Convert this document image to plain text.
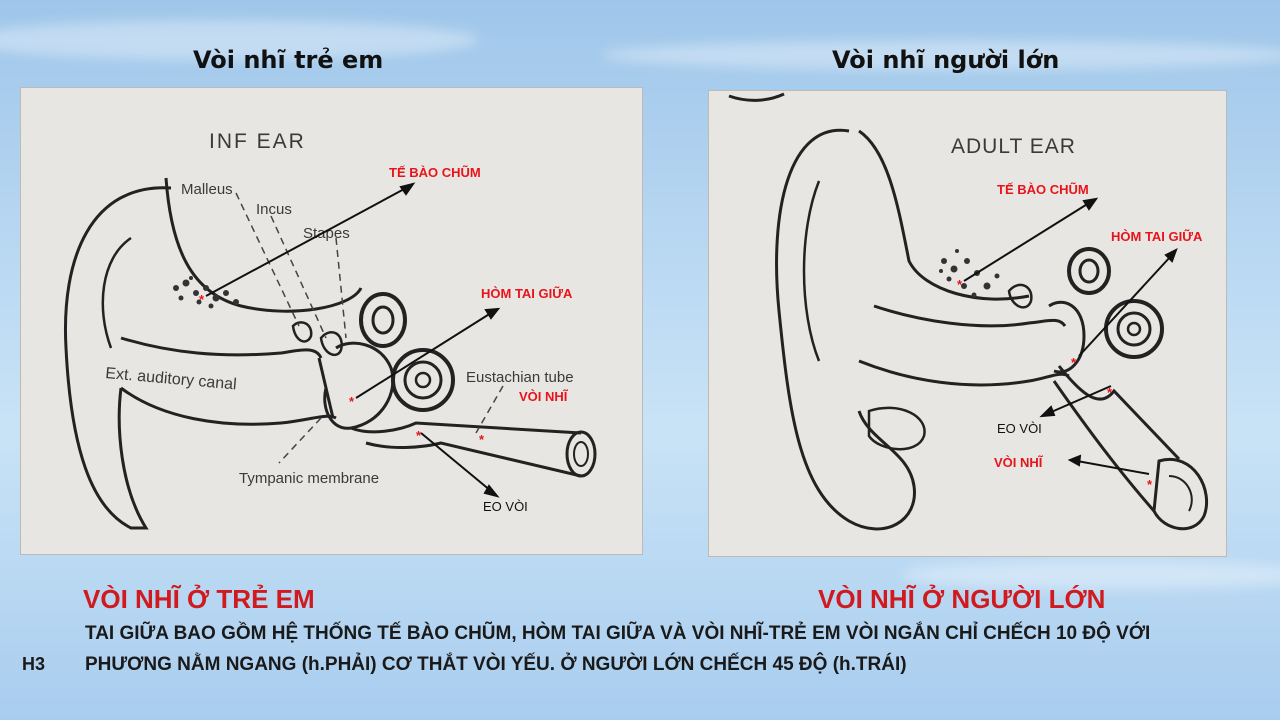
Vòi nhĩ trẻ em	Vòi nhĩ người lớn
INF EAR
Malleus
Incus
Stapes
Ext. auditory canal	Eustachian tube
Tympanic membrane
*
*
*	*
TẾ BÀO CHŨM
HÒM TAI GIỮA
VÒI NHĨ
EO VÒI
ADULT EAR
*
*
*
*
TẾ BÀO CHŨM
HÒM TAI GIỮA
EO VÒI
VÒI NHĨ
VÒI NHĨ Ở TRẺ EM	VÒI NHĨ Ở NGƯỜI LỚN
TAI GIỮA BAO GỒM HỆ THỐNG TẾ BÀO CHŨM, HÒM TAI GIỮA VÀ VÒI NHĨ-TRẺ EM VÒI NGẮN CHỈ CHẾCH 10 ĐỘ VỚI PHƯƠNG NẰM NGANG (h.PHẢI) CƠ THẮT VÒI YẾU. Ở NGƯỜI LỚN CHẾCH 45 ĐỘ (h.TRÁI)
H3
